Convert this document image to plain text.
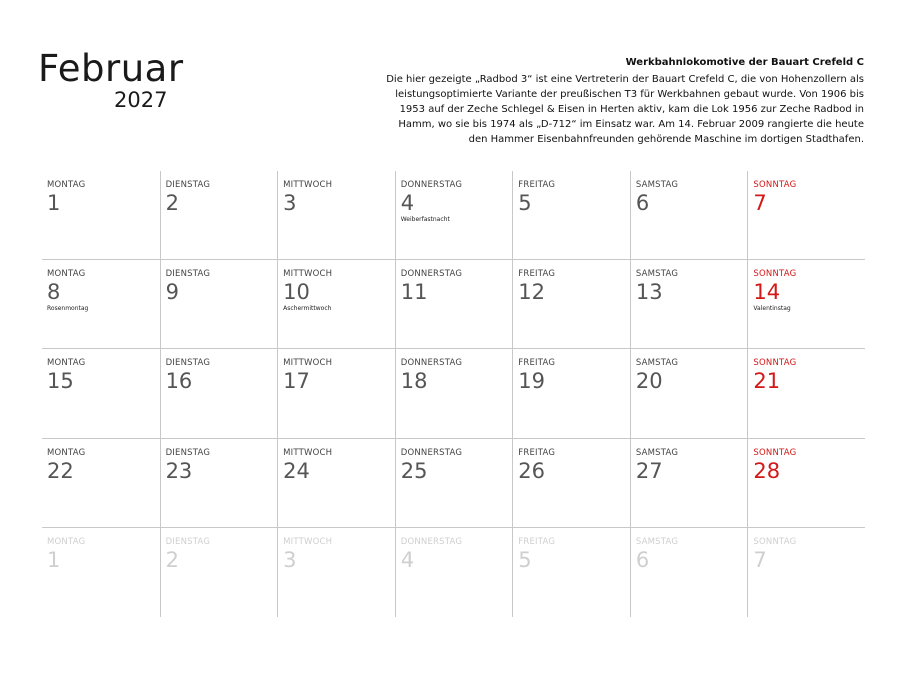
Februar
2027
Werkbahnlokomotive der Bauart Crefeld C
Die hier gezeigte „Radbod 3“ ist eine Vertreterin der Bauart Crefeld C, die von Hohenzollern als leistungsoptimierte Variante der preußischen T3 für Werkbahnen gebaut wurde. Von 1906 bis 1953 auf der Zeche Schlegel & Eisen in Herten aktiv, kam die Lok 1956 zur Zeche Radbod in Hamm, wo sie bis 1974 als „D-712“ im Einsatz war. Am 14. Februar 2009 rangierte die heute den Hammer Eisenbahnfreunden gehörende Maschine im dortigen Stadthafen.
MONTAG
1
DIENSTAG
2
MITTWOCH
3
DONNERSTAG
4
Weiberfastnacht
FREITAG
5
SAMSTAG
6
SONNTAG
7
MONTAG
8
Rosenmontag
DIENSTAG
9
MITTWOCH
10
Aschermittwoch
DONNERSTAG
11
FREITAG
12
SAMSTAG
13
SONNTAG
14
Valentinstag
MONTAG
15
DIENSTAG
16
MITTWOCH
17
DONNERSTAG
18
FREITAG
19
SAMSTAG
20
SONNTAG
21
MONTAG
22
DIENSTAG
23
MITTWOCH
24
DONNERSTAG
25
FREITAG
26
SAMSTAG
27
SONNTAG
28
MONTAG
1
DIENSTAG
2
MITTWOCH
3
DONNERSTAG
4
FREITAG
5
SAMSTAG
6
SONNTAG
7
